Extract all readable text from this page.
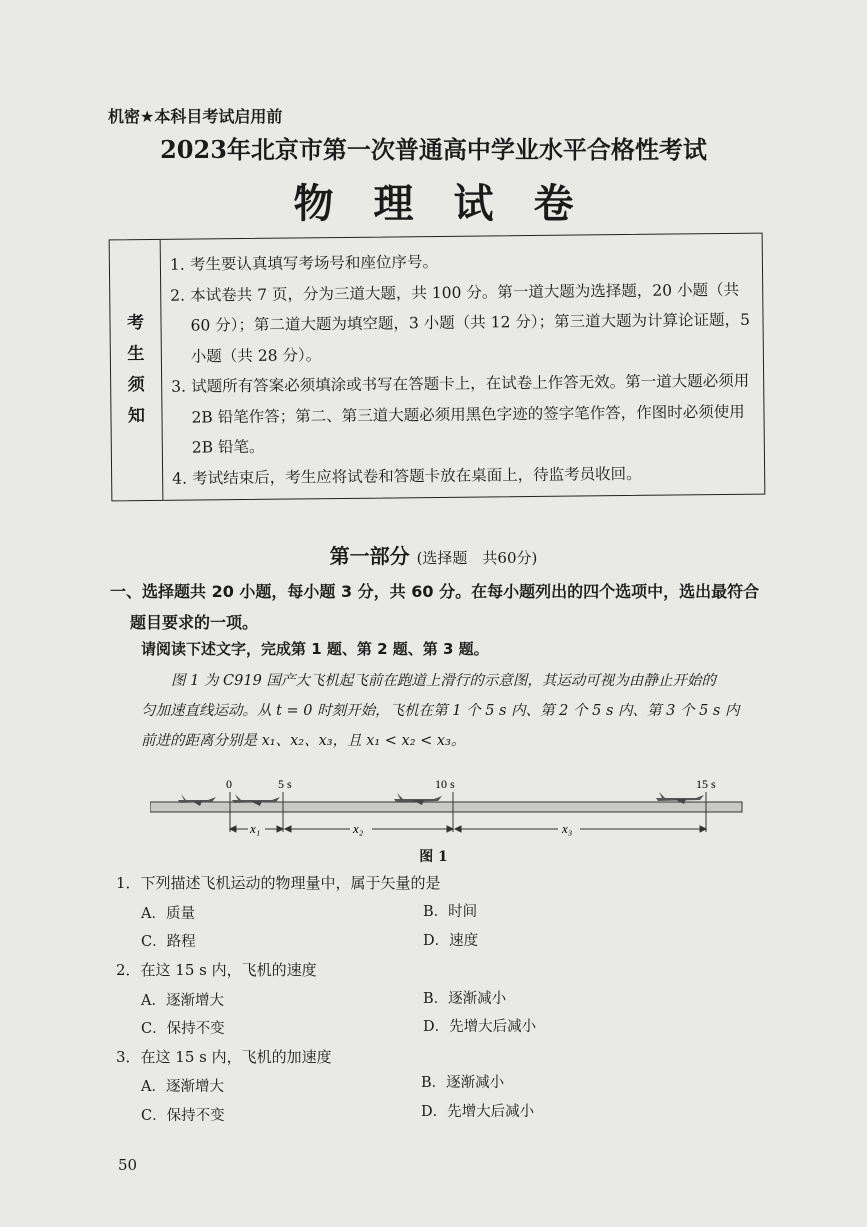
机密★本科目考试启用前
2023年北京市第一次普通高中学业水平合格性考试
物理试卷
考
生
须
知
1. 考生要认真填写考场号和座位序号。
2. 本试卷共 7 页，分为三道大题，共 100 分。第一道大题为选择题，20 小题（共 60 分）；第二道大题为填空题，3 小题（共 12 分）；第三道大题为计算论证题，5 小题（共 28 分）。
3. 试题所有答案必须填涂或书写在答题卡上，在试卷上作答无效。第一道大题必须用 2B 铅笔作答；第二、第三道大题必须用黑色字迹的签字笔作答，作图时必须使用 2B 铅笔。
4. 考试结束后，考生应将试卷和答题卡放在桌面上，待监考员收回。
第一部分 (选择题　共60分)
一、选择题共 20 小题，每小题 3 分，共 60 分。在每小题列出的四个选项中，选出最符合题目要求的一项。
请阅读下述文字，完成第 1 题、第 2 题、第 3 题。
图 1 为 C919 国产大飞机起飞前在跑道上滑行的示意图，其运动可视为由静止开始的
匀加速直线运动。从 t = 0 时刻开始，飞机在第 1 个 5 s 内、第 2 个 5 s 内、第 3 个 5 s 内
前进的距离分别是 x₁、x₂、x₃，且 x₁ < x₂ < x₃。
0	5 s	10 s	15 s
x₁	x₂	x₃
图 1
1．下列描述飞机运动的物理量中，属于矢量的是
A．质量	B．时间
C．路程	D．速度
2．在这 15 s 内，飞机的速度
A．逐渐增大	B．逐渐减小
C．保持不变	D．先增大后减小
3．在这 15 s 内，飞机的加速度
A．逐渐增大	B．逐渐减小
C．保持不变	D．先增大后减小
50
